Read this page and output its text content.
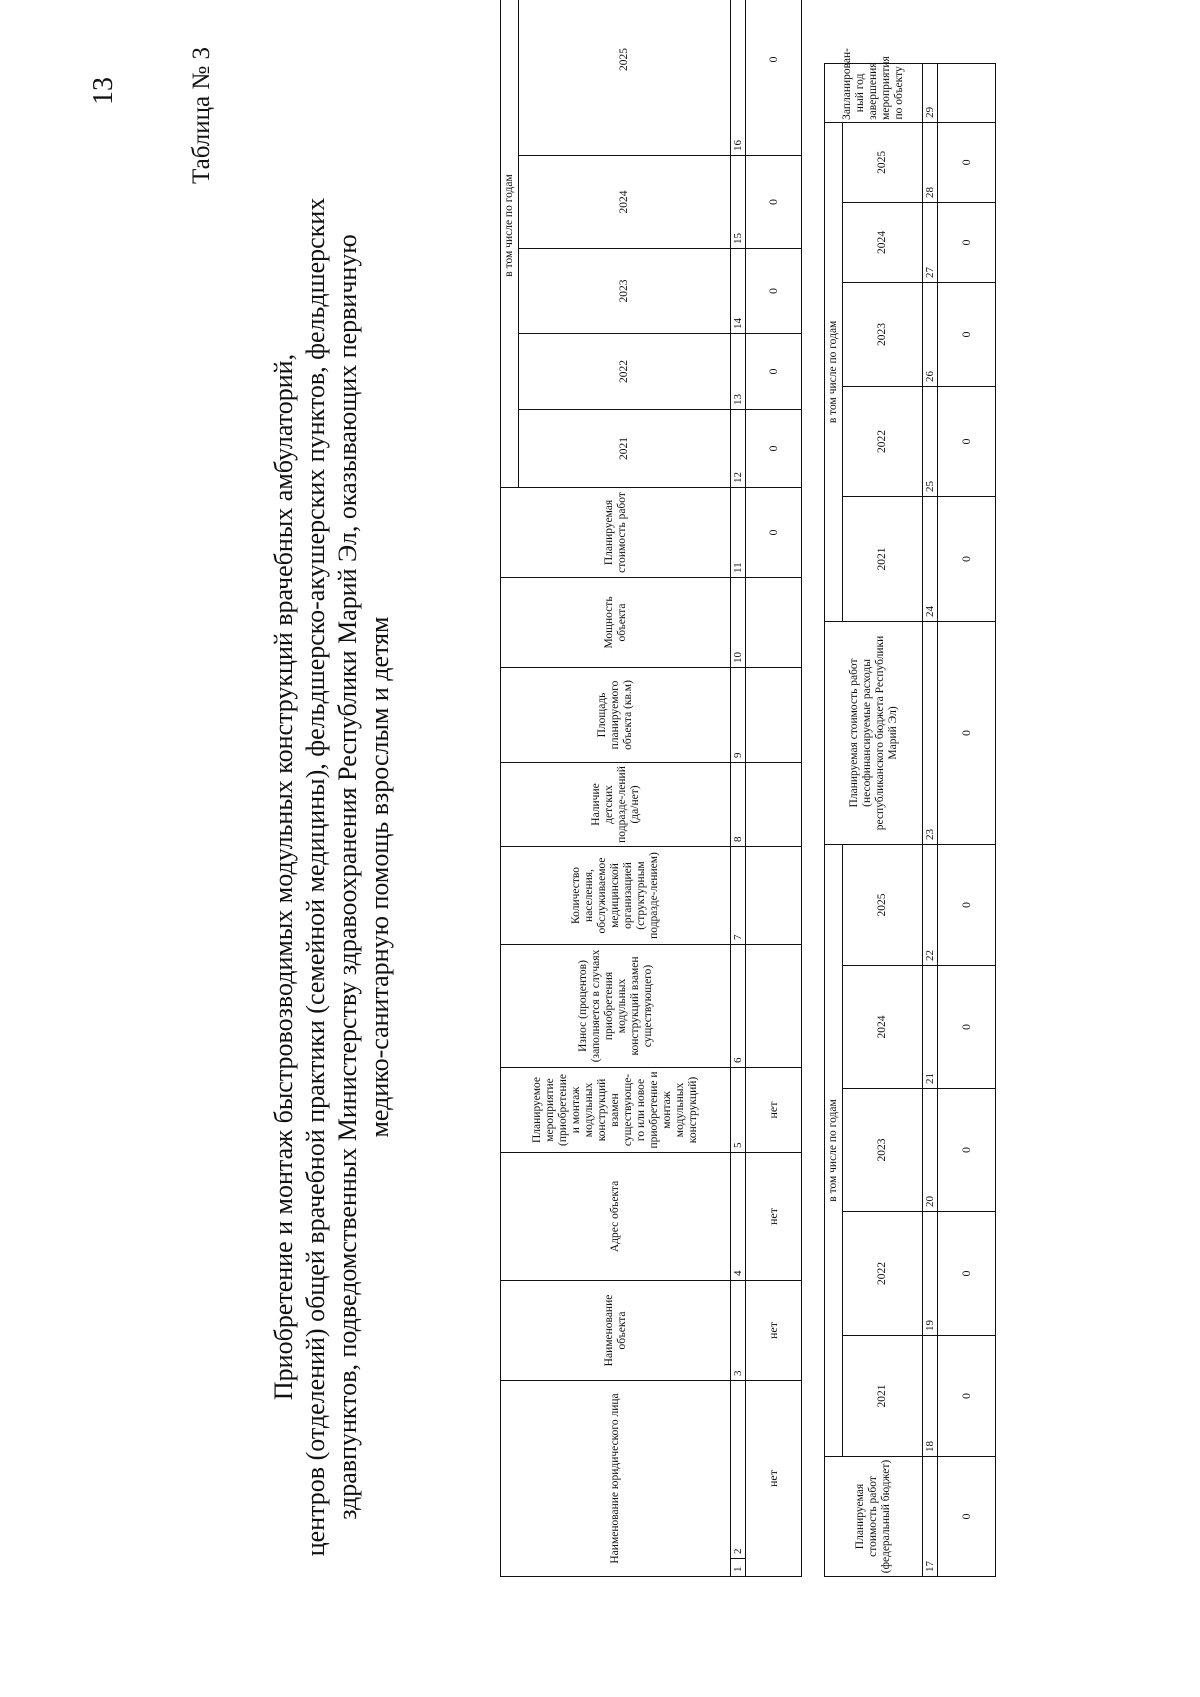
13	Таблица № 3
Приобретение и монтаж быстровозводимых модульных конструкций врачебных амбулаторий, центров (отделений) общей врачебной практики (семейной медицины), фельдшерско-акушерских пунктов, фельдшерских здравпунктов, подведомственных Министерству здравоохранения Республики Марий Эл, оказывающих первичную медико-санитарную помощь взрослым и детям
Наименование юридического лица		Наименование объекта	Адрес объекта	Планируемое мероприятие (приобретение и монтаж модульных конструкций взамен существующе-го или новое приобретение и монтаж модульных конструкций)	Износ (процентов) (заполняется в случаях приобретения модульных конструкций взамен существующего)	Количество населения, обслуживаемое медицинской организацией (структурным подразде-лением)	Наличие детских подразде-лений (да/нет)	Площадь планируемого объекта (кв.м)	Мощность объекта	Планируемая стоимость работ	в том числе по годам				
											2021	2022	2023	2024	2025
1	2	3	4	5	6	7	8	9	10	11	12	13	14	15	16
нет		нет	нет	нет						0	0	0	0	0	0
Планируемая стоимость работ (федеральный бюджет)	в том числе по годам					Планируемая стоимость работ (несофинансируемые расходы республиканского бюджета Республики Марий Эл)	в том числе по годам					Запланирован-ный год завершения мероприятия по объекту
	2021	2022	2023	2024	2025		2021	2022	2023	2024	2025	
17	18	19	20	21	22	23	24	25	26	27	28	29
0	0	0	0	0	0	0	0	0	0	0	0	
